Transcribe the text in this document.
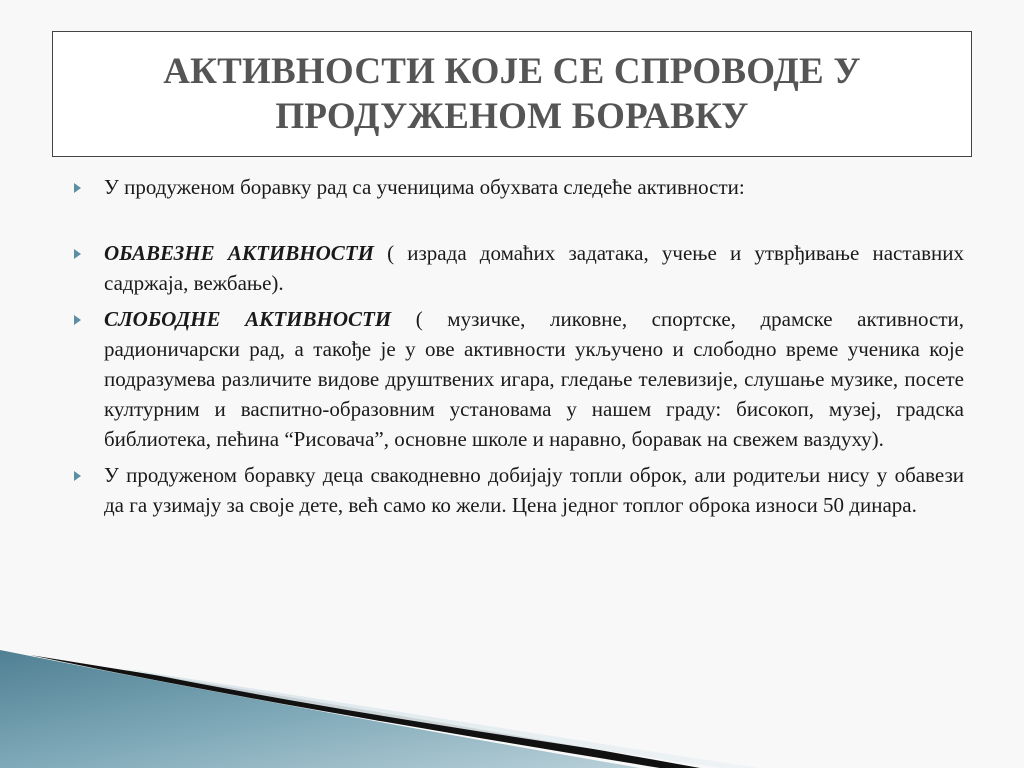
АКТИВНОСТИ КОЈЕ СЕ СПРОВОДЕ У ПРОДУЖЕНОМ БОРАВКУ

У продуженом боравку рад са ученицима обухвата следеће активности:

ОБАВЕЗНЕ АКТИВНОСТИ ( израда домаћих задатака, учење и утврђивање наставних садржаја, вежбање).

СЛОБОДНЕ АКТИВНОСТИ ( музичке, ликовне, спортске, драмске активности, радионичарски рад, а такође је у ове активности укључено и слободно време ученика које подразумева различите видове друштвених игара, гледање телевизије, слушање музике, посете културним и васпитно-образовним установама у нашем граду: бисокоп, музеј, градска библиотека, пећина “Рисовача”, основне школе и наравно, боравак на свежем ваздуху).

У продуженом боравку деца свакодневно добијају топли оброк, али родитељи нису у обавези да га узимају за своје дете, већ само ко жели. Цена једног топлог оброка износи 50 динара.
